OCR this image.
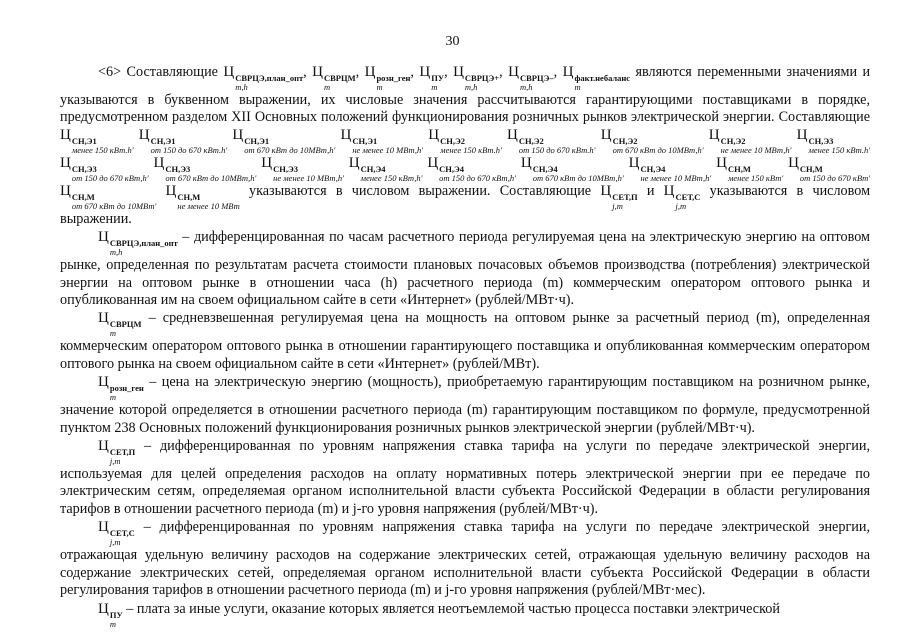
30

<6> Составляющие Ц СВРЦЭ,план_опт
m,h
, Ц СВРЦМ
m
, Ц розн_ген
m
, Ц ПУ
m
, Ц СВРЦЭ+
m,h
, Ц СВРЦЭ–
m,h
, Ц факт.небаланс
m
являются переменными значениями и указываются в буквенном выражении, их числовые значения рассчитываются гарантирующими поставщиками в порядке, предусмотренном разделом XII Основных положений функционирования розничных рынков электрической энергии. Составляющие Ц СН,Э1
менее 150 кВт.h'
Ц СН,Э1
от 150 до 670 кВт.h'
Ц СН,Э1
от 670 кВт до 10МВт,h'
Ц СН,Э1
не менее 10 МВт,h'
Ц СН,Э2
менее 150 кВт.h'
Ц СН,Э2
от 150 до 670 кВт.h'
Ц СН,Э2
от 670 кВт до 10МВт,h'
Ц СН,Э2
не менее 10 МВт,h'
Ц СН,Э3
менее 150 кВт.h'
Ц СН,Э3
от 150 до 670 кВт,h'
Ц СН,Э3
от 670 кВт до 10МВт,h'
Ц СН,Э3
не менее 10 МВт,h'
Ц СН,Э4
менее 150 кВт,h'
Ц СН,Э4
от 150 до 670 кВт,h'
Ц СН,Э4
от 670 кВт до 10МВт,h'
Ц СН,Э4
не менее 10 МВт,h'
Ц СН,М
менее 150 кВт'
Ц СН,М
от 150 до 670 кВт'
Ц СН,М
от 670 кВт до 10МВт'
Ц СН,М
не менее 10 МВт
указываются в числовом выражении. Составляющие Ц СЕТ,П
j,m
и Ц СЕТ,С
j,m
указываются в числовом выражении.

Ц СВРЦЭ,план_опт
m,h
– дифференцированная по часам расчетного периода регулируемая цена на электрическую энергию на оптовом рынке, определенная по результатам расчета стоимости плановых почасовых объемов производства (потребления) электрической энергии на оптовом рынке в отношении часа (h) расчетного периода (m) коммерческим оператором оптового рынка и опубликованная им на своем официальном сайте в сети «Интернет» (рублей/МВт·ч).

Ц СВРЦМ
m
– средневзвешенная регулируемая цена на мощность на оптовом рынке за расчетный период (m), определенная коммерческим оператором оптового рынка в отношении гарантирующего поставщика и опубликованная коммерческим оператором оптового рынка на своем официальном сайте в сети «Интернет» (рублей/МВт).

Ц розн_ген
m
– цена на электрическую энергию (мощность), приобретаемую гарантирующим поставщиком на розничном рынке, значение которой определяется в отношении расчетного периода (m) гарантирующим поставщиком по формуле, предусмотренной пунктом 238 Основных положений функционирования розничных рынков электрической энергии (рублей/МВт·ч).

Ц СЕТ,П
j,m
– дифференцированная по уровням напряжения ставка тарифа на услуги по передаче электрической энергии, используемая для целей определения расходов на оплату нормативных потерь электрической энергии при ее передаче по электрическим сетям, определяемая органом исполнительной власти субъекта Российской Федерации в области регулирования тарифов в отношении расчетного периода (m) и j-го уровня напряжения (рублей/МВт·ч).

Ц СЕТ,С
j,m
– дифференцированная по уровням напряжения ставка тарифа на услуги по передаче электрической энергии, отражающая удельную величину расходов на содержание электрических сетей, отражающая удельную величину расходов на содержание электрических сетей, определяемая органом исполнительной власти субъекта Российской Федерации в области регулирования тарифов в отношении расчетного периода (m) и j-го уровня напряжения (рублей/МВт·мес).

Ц ПУ
m
– плата за иные услуги, оказание которых является неотъемлемой частью процесса поставки электрической
